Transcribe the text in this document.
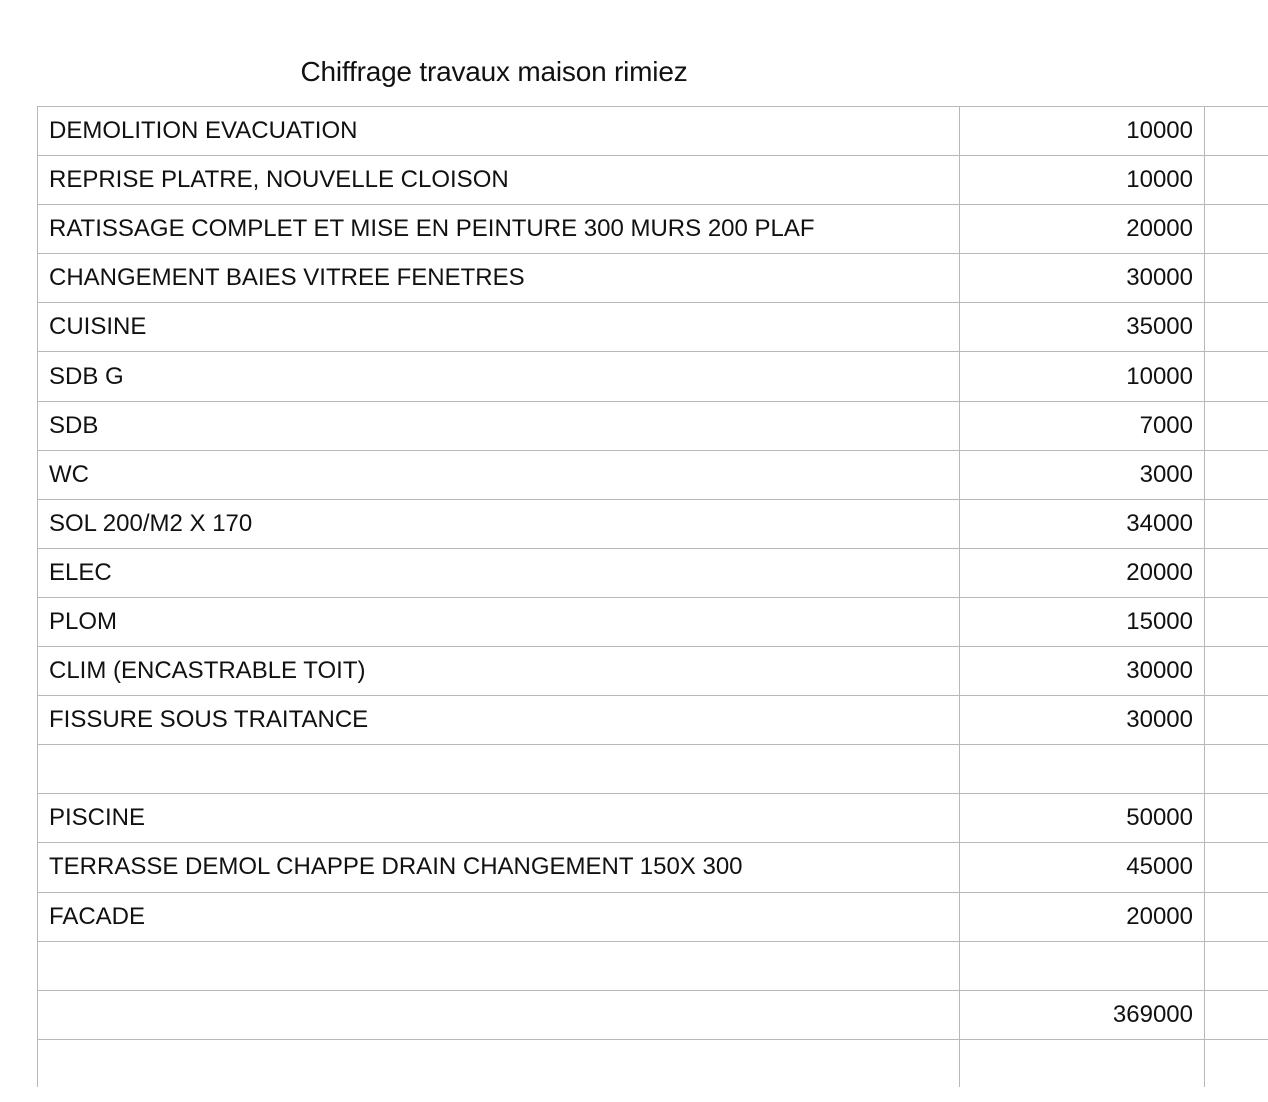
Chiffrage travaux maison rimiez
DEMOLITION EVACUATION	10000	
REPRISE PLATRE, NOUVELLE CLOISON	10000	
RATISSAGE COMPLET ET MISE EN PEINTURE 300 MURS 200 PLAF	20000	
CHANGEMENT BAIES VITREE FENETRES	30000	
CUISINE	35000	
SDB G	10000	
SDB	7000	
WC	3000	
SOL 200/M2 X 170	34000	
ELEC	20000	
PLOM	15000	
CLIM (ENCASTRABLE TOIT)	30000	
FISSURE SOUS TRAITANCE	30000	

PISCINE	50000	
TERRASSE DEMOL CHAPPE DRAIN CHANGEMENT 150X 300	45000	
FACADE	20000	

	369000	
